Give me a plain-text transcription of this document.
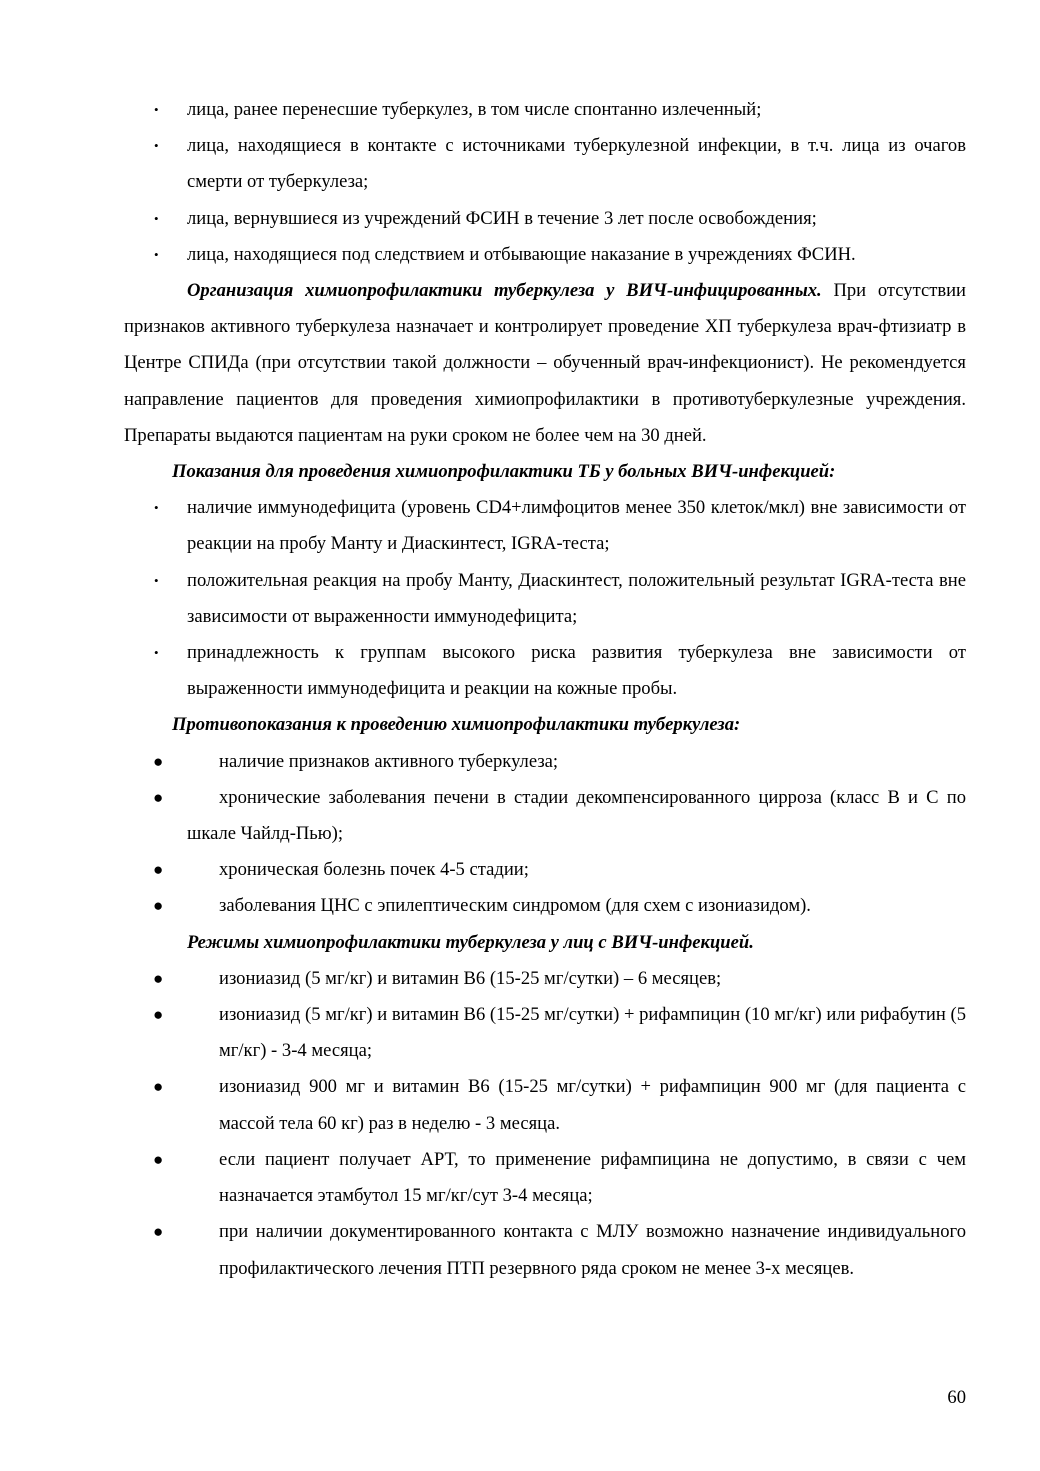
• лица, ранее перенесшие туберкулез, в том числе спонтанно излеченный;
• лица, находящиеся в контакте с источниками туберкулезной инфекции, в т.ч. лица из очагов смерти от туберкулеза;
• лица, вернувшиеся из учреждений ФСИН в течение 3 лет после освобождения;
• лица, находящиеся под следствием и отбывающие наказание в учреждениях ФСИН.
Организация химиопрофилактики туберкулеза у ВИЧ-инфицированных. При отсутствии признаков активного туберкулеза назначает и контролирует проведение ХП туберкулеза врач-фтизиатр в Центре СПИДа (при отсутствии такой должности – обученный врач-инфекционист). Не рекомендуется направление пациентов для проведения химиопрофилактики в противотуберкулезные учреждения. Препараты выдаются пациентам на руки сроком не более чем на 30 дней.
Показания для проведения химиопрофилактики ТБ у больных ВИЧ-инфекцией:
• наличие иммунодефицита (уровень CD4+лимфоцитов менее 350 клеток/мкл) вне зависимости от реакции на пробу Манту и Диаскинтест, IGRA-теста;
• положительная реакция на пробу Манту, Диаскинтест, положительный результат IGRA-теста вне зависимости от выраженности иммунодефицита;
• принадлежность к группам высокого риска развития туберкулеза вне зависимости от выраженности иммунодефицита и реакции на кожные пробы.
Противопоказания к проведению химиопрофилактики туберкулеза:
●	наличие признаков активного туберкулеза;
●	хронические заболевания печени в стадии декомпенсированного цирроза (класс В и С по шкале Чайлд-Пью);
●	хроническая болезнь почек 4-5 стадии;
●	заболевания ЦНС с эпилептическим синдромом (для схем с изониазидом).
Режимы химиопрофилактики туберкулеза у лиц с ВИЧ-инфекцией.
●	изониазид (5 мг/кг) и витамин В6 (15-25 мг/сутки) – 6 месяцев;
●	изониазид (5 мг/кг) и витамин В6 (15-25 мг/сутки) + рифампицин (10 мг/кг) или рифабутин (5 мг/кг) - 3-4 месяца;
●	изониазид 900 мг и витамин В6 (15-25 мг/сутки) + рифампицин 900 мг (для пациента с массой тела 60 кг) раз в неделю - 3 месяца.
●	если пациент получает АРТ, то применение рифампицина не допустимо, в связи с чем назначается этамбутол 15 мг/кг/сут 3-4 месяца;
●	при наличии документированного контакта с МЛУ возможно назначение индивидуального профилактического лечения ПТП резервного ряда сроком не менее 3-х месяцев.
60
